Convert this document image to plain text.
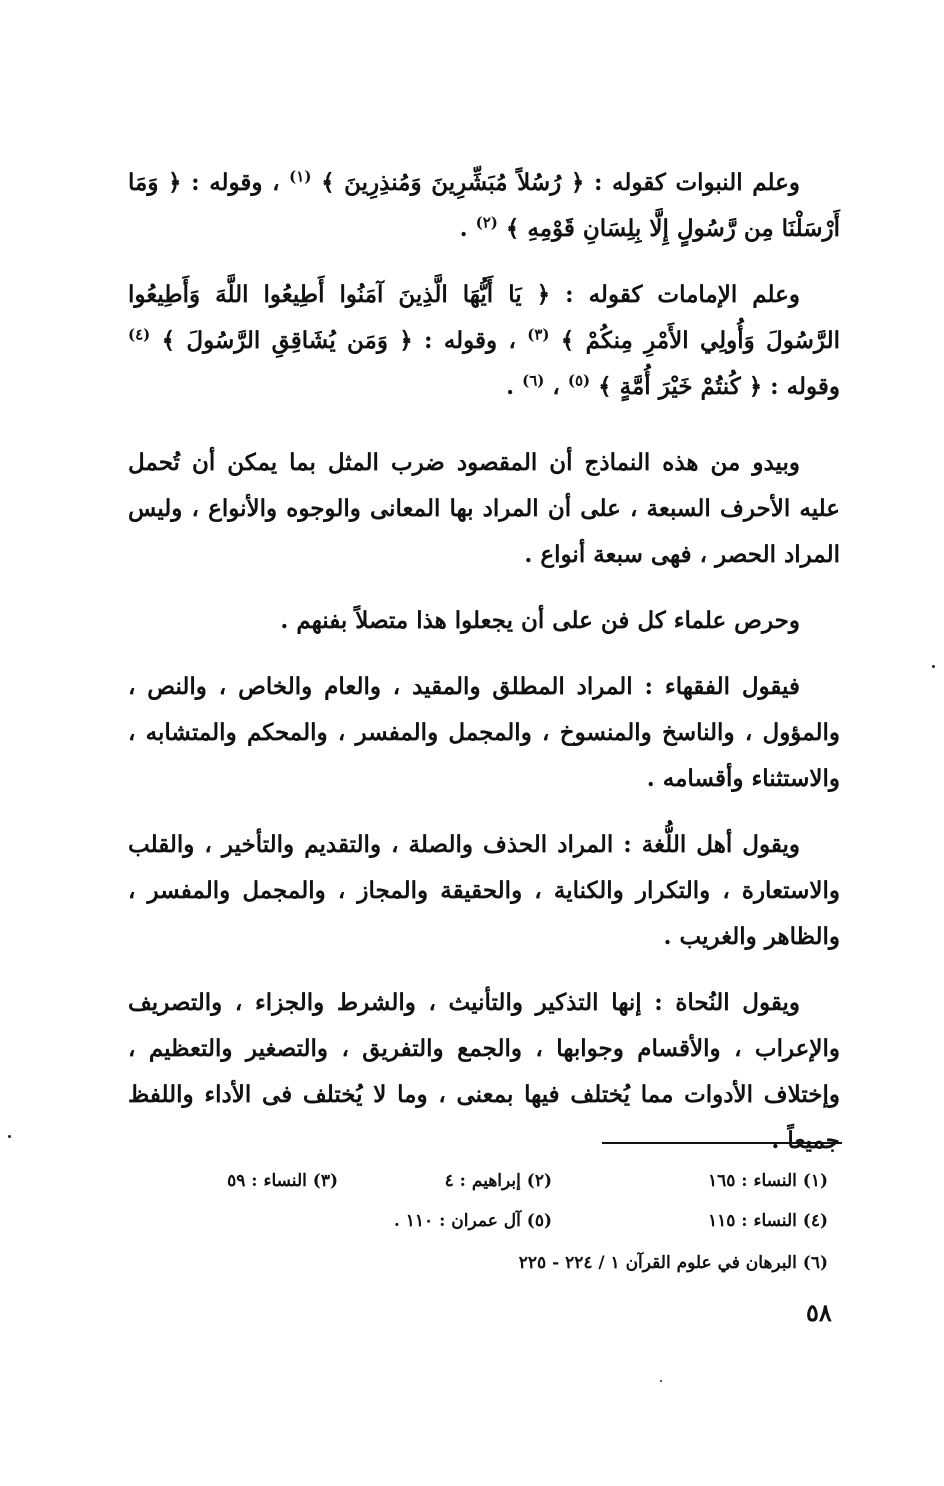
وعلم النبوات كقوله : ﴿ رُسُلاً مُبَشِّرِينَ وَمُنذِرِينَ ﴾ $^{(١)}$ ، وقوله : ﴿ وَمَا أَرْسَلْنَا مِن رَّسُولٍ إِلَّا بِلِسَانِ قَوْمِهِ ﴾ $^{(٢)}$ .

وعلم الإمامات كقوله : ﴿ يَا أَيُّهَا الَّذِينَ آمَنُوا أَطِيعُوا اللَّهَ وَأَطِيعُوا الرَّسُولَ وَأُولِي الأَمْرِ مِنكُمْ ﴾ $^{(٣)}$ ، وقوله : ﴿ وَمَن يُشَاقِقِ الرَّسُولَ ﴾ $^{(٤)}$ وقوله : ﴿ كُنتُمْ خَيْرَ أُمَّةٍ ﴾ $^{(٥)}$ ، $^{(٦)}$ .

وبيدو من هذه النماذج أن المقصود ضرب المثل بما يمكن أن تُحمل عليه الأحرف السبعة ، على أن المراد بها المعانى والوجوه والأنواع ، وليس المراد الحصر ، فهى سبعة أنواع .

وحرص علماء كل فن على أن يجعلوا هذا متصلاً بفنهم .

فيقول الفقهاء : المراد المطلق والمقيد ، والعام والخاص ، والنص ، والمؤول ، والناسخ والمنسوخ ، والمجمل والمفسر ، والمحكم والمتشابه ، والاستثناء وأقسامه .

ويقول أهل اللُّغة : المراد الحذف والصلة ، والتقديم والتأخير ، والقلب والاستعارة ، والتكرار والكناية ، والحقيقة والمجاز ، والمجمل والمفسر ، والظاهر والغريب .

ويقول النُحاة : إنها التذكير والتأنيث ، والشرط والجزاء ، والتصريف والإعراب ، والأقسام وجوابها ، والجمع والتفريق ، والتصغير والتعظيم ، وإختلاف الأدوات مما يُختلف فيها بمعنى ، وما لا يُختلف فى الأداء واللفظ جميعاً .

(١) النساء : ١٦٥
(٢) إبراهيم : ٤
(٣) النساء : ٥٩
(٤) النساء : ١١٥
(٥) آل عمران : ١١٠ .
(٦) البرهان في علوم القرآن ١ / ٢٢٤ - ٢٢٥
٥٨
